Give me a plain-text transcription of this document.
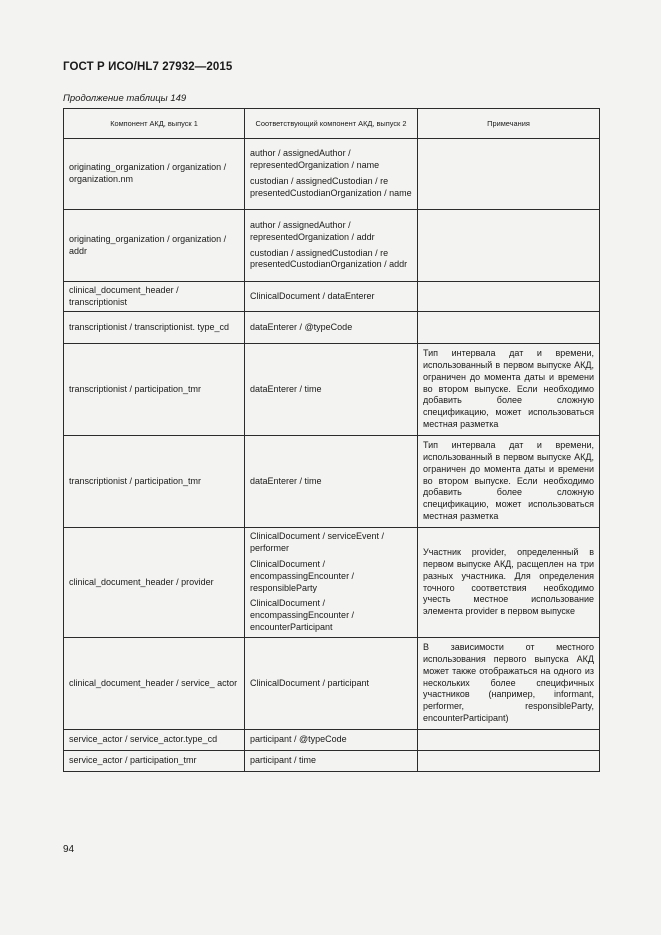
ГОСТ Р ИСО/HL7 27932—2015
Продолжение таблицы 149
Компонент АКД, выпуск 1	Соответствующий компонент АКД, выпуск 2	Примечания
originating_organization / organization / organization.nm	author / assignedAuthor / representedOrganization / name
custodian / assignedCustodian / re presentedCustodianOrganization / name	

originating_organization / organization / addr	author / assignedAuthor / representedOrganization / addr
custodian / assignedCustodian / re presentedCustodianOrganization / addr	

clinical_document_header / transcriptionist	ClinicalDocument / dataEnterer	
transcriptionist / transcriptionist. type_cd	dataEnterer / @typeCode	
transcriptionist / participation_tmr	dataEnterer / time	Тип интервала дат и времени, использованный в первом выпуске АКД, ограничен до момента даты и времени во втором выпуске. Если необходимо добавить более сложную спецификацию, может использоваться местная разметка
transcriptionist / participation_tmr	dataEnterer / time	Тип интервала дат и времени, использованный в первом выпуске АКД, ограничен до момента даты и времени во втором выпуске. Если необходимо добавить более сложную спецификацию, может использоваться местная разметка
clinical_document_header / provider	ClinicalDocument / serviceEvent / performer
ClinicalDocument / encompassingEncounter / responsibleParty
ClinicalDocument / encompassingEncounter / encounterParticipant	Участник provider, определенный в первом выпуске АКД, расщеплен на три разных участника. Для определения точного соответствия необходимо учесть местное использование элемента provider в первом выпуске
clinical_document_header / service_ actor	ClinicalDocument / participant	В зависимости от местного использования первого выпуска АКД может также отображаться на одного из нескольких более специфичных участников (например, informant, performer, responsibleParty, encounterParticipant)
service_actor / service_actor.type_cd	participant / @typeCode	
service_actor / participation_tmr	participant / time	
94
